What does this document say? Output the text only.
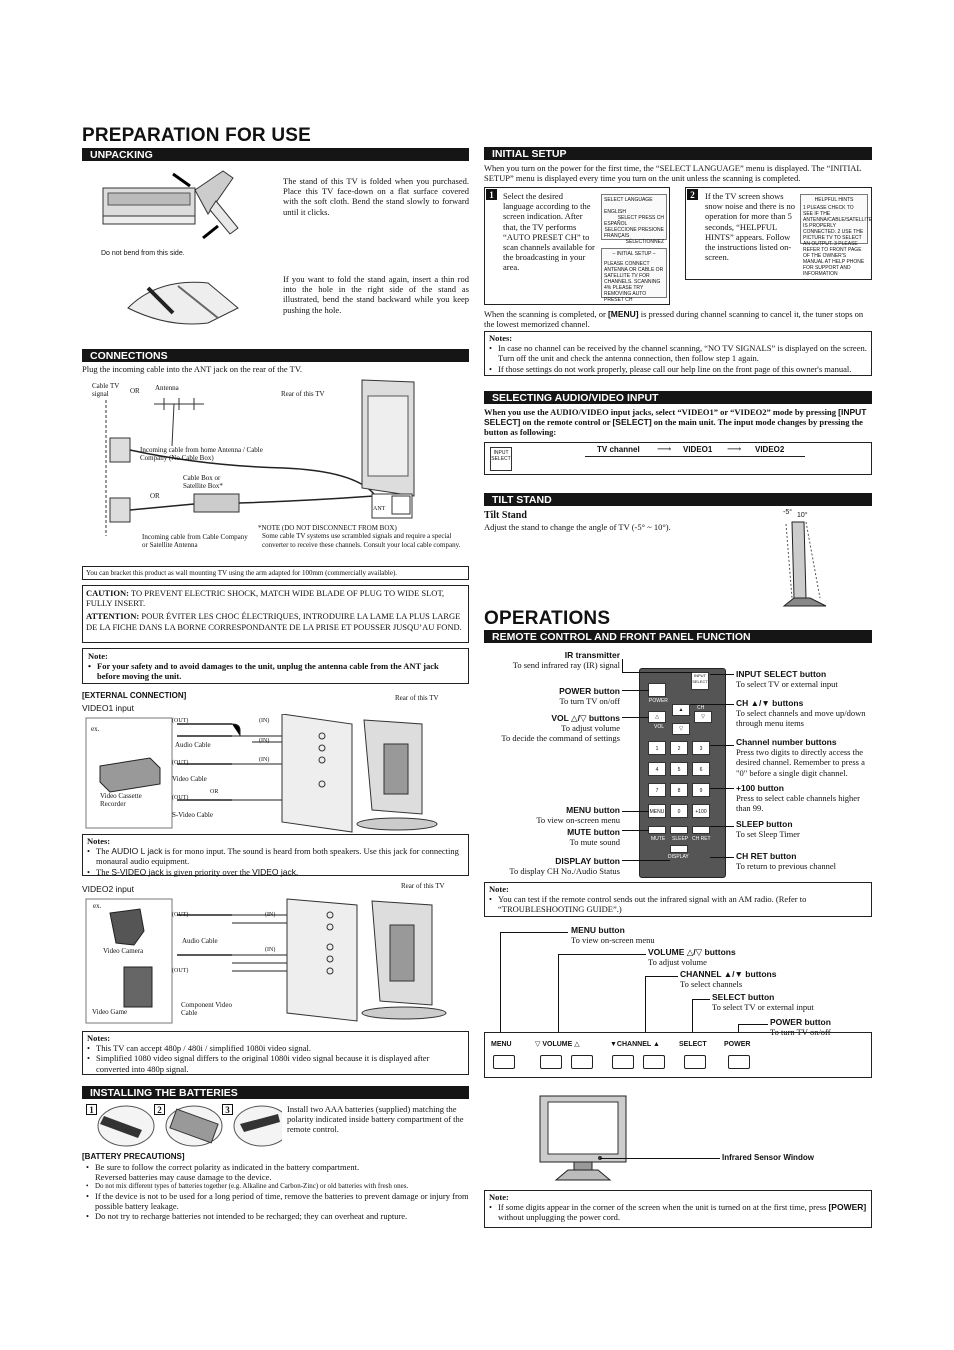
PREPARATION FOR USE
UNPACKING
Do not bend from this side.
The stand of this TV is folded when you purchased. Place this TV face-down on a flat surface covered with the soft cloth. Bend the stand slowly to forward until it clicks.
If you want to fold the stand again, insert a thin rod into the hole in the right side of the stand as illustrated, bend the stand backward while you keep pushing the hole.
CONNECTIONS
Plug the incoming cable into the ANT jack on the rear of the TV.
Cable TV signal	OR Antenna
Rear of this TV
Incoming cable from home Antenna / Cable Company (No Cable Box)
Cable Box or Satellite Box*
OR
ANT
Incoming cable from Cable Company or Satellite Antenna
*NOTE (DO NOT DISCONNECT FROM BOX)
Some cable TV systems use scrambled signals and require a special converter to receive these channels. Consult your local cable company.
You can bracket this product as wall mounting TV using the arm adapted for 100mm (commercially available).
CAUTION: TO PREVENT ELECTRIC SHOCK, MATCH WIDE BLADE OF PLUG TO WIDE SLOT, FULLY INSERT.
ATTENTION: POUR ÉVITER LES CHOC ÉLECTRIQUES, INTRODUIRE LA LAME LA PLUS LARGE DE LA FICHE DANS LA BORNE CORRESPONDANTE DE LA PRISE ET POUSSER JUSQU’AU FOND.
Note:
• For your safety and to avoid damages to the unit, unplug the antenna cable from the ANT jack before moving the unit.
[EXTERNAL CONNECTION]
VIDEO1 input
Rear of this TV
ex.
(OUT)	(IN)
Audio Cable	(IN)
(OUT)	(IN)
Video Cable
OR
(OUT)
S-Video Cable
Video Cassette Recorder
Notes:
• The AUDIO L jack is for mono input. The sound is heard from both speakers. Use this jack for connecting monaural audio equipment.
• The S-VIDEO jack is given priority over the VIDEO jack.
VIDEO2 input	Rear of this TV
ex.
(OUT)	(IN)
Audio Cable
(IN)
Video Camera
(OUT)
Video Game
Component Video Cable
Notes:
• This TV can accept 480p / 480i / simplified 1080i video signal.
• Simplified 1080 video signal differs to the original 1080i video signal because it is displayed after converted into 480p signal.
INSTALLING THE BATTERIES
1	2	3	Install two AAA batteries (supplied) matching the polarity indicated inside battery compartment of the remote control.
[BATTERY PRECAUTIONS]
• Be sure to follow the correct polarity as indicated in the battery compartment.
Reversed batteries may cause damage to the device.
• Do not mix different types of batteries together (e.g. Alkaline and Carbon-Zinc) or old batteries with fresh ones.
• If the device is not to be used for a long period of time, remove the batteries to prevent damage or injury from possible battery leakage.
• Do not try to recharge batteries not intended to be recharged; they can overheat and rupture.
INITIAL SETUP
When you turn on the power for the first time, the “SELECT LANGUAGE” menu is displayed. The “INITIAL SETUP” menu is displayed every time you turn on the unit unless the scanning is completed.
1	Select the desired language according to the screen indication. After that, the TV performs “AUTO PRESET CH” to scan channels available for the broadcasting in your area.
SELECT LANGUAGE
ENGLISH
SELECT PRESS CH
ESPAÑOL
SELECCIONE PRESIONE
FRANÇAIS
SÉLECTIONNEZ
– INITIAL SETUP –
PLEASE CONNECT ANTENNA OR CABLE OR SATELLITE TV FOR CHANNELS. SCANNING 4% PLEASE TRY REMOVING AUTO PRESET CH
2	If the TV screen shows snow noise and there is no operation for more than 5 seconds, “HELPFUL HINTS” appears. Follow the instructions listed on-screen.
HELPFUL HINTS
1 PLEASE CHECK TO SEE IF THE ANTENNA/CABLE/SATELLITE IS PROPERLY CONNECTED. 2 USE THE PICTURE TV TO SELECT AN OUTPUT. 3 PLEASE REFER TO FRONT PAGE OF THE OWNER'S MANUAL AT HELP PHONE FOR SUPPORT AND INFORMATION
When the scanning is completed, or [MENU] is pressed during channel scanning to cancel it, the tuner stops on the lowest memorized channel.
Notes:
• In case no channel can be received by the channel scanning, “NO TV SIGNALS” is displayed on the screen. Turn off the unit and check the antenna connection, then follow step 1 again.
• If those settings do not work properly, please call our help line on the front page of this owner's manual.
SELECTING AUDIO/VIDEO INPUT
When you use the AUDIO/VIDEO input jacks, select “VIDEO1” or “VIDEO2” mode by pressing [INPUT SELECT] on the remote control or [SELECT] on the main unit. The input mode changes by pressing the button as following:
INPUT SELECT
TV channel ⟶ VIDEO1 ⟶ VIDEO2
TILT STAND
Tilt Stand
Adjust the stand to change the angle of TV (-5° ~ 10°).
-5° 10°
OPERATIONS
REMOTE CONTROL AND FRONT PANEL FUNCTION
INPUT SELECT
POWER
▲	CH
▽
△	▽
VOL
1	2	3
4	5	6
7	8	9
MENU	0	+100
MUTE SLEEP CH RET
DISPLAY
IR transmitter
To send infrared ray (IR) signal
POWER button
To turn TV on/off
VOL △/▽ buttons
To adjust volume
To decide the command of settings
MENU button
To view on-screen menu
MUTE button
To mute sound
DISPLAY button
To display CH No./Audio Status
INPUT SELECT button
To select TV or external input
CH ▲/▼ buttons
To select channels and move up/down through menu items
Channel number buttons
Press two digits to directly access the desired channel. Remember to press a "0" before a single digit channel.
+100 button
Press to select cable channels higher than 99.
SLEEP button
To set Sleep Timer
CH RET button
To return to previous channel
Note:
• You can test if the remote control sends out the infrared signal with an AM radio. (Refer to “TROUBLESHOOTING GUIDE”.)
MENU button
To view on-screen menu
VOLUME △/▽ buttons
To adjust volume
CHANNEL ▲/▼ buttons
To select channels
SELECT button
To select TV or external input
POWER button
To turn TV on/off
MENU	▽ VOLUME △	▼CHANNEL ▲	SELECT POWER
Infrared Sensor Window
Note:
• If some digits appear in the corner of the screen when the unit is turned on at the first time, press [POWER] without unplugging the power cord.
